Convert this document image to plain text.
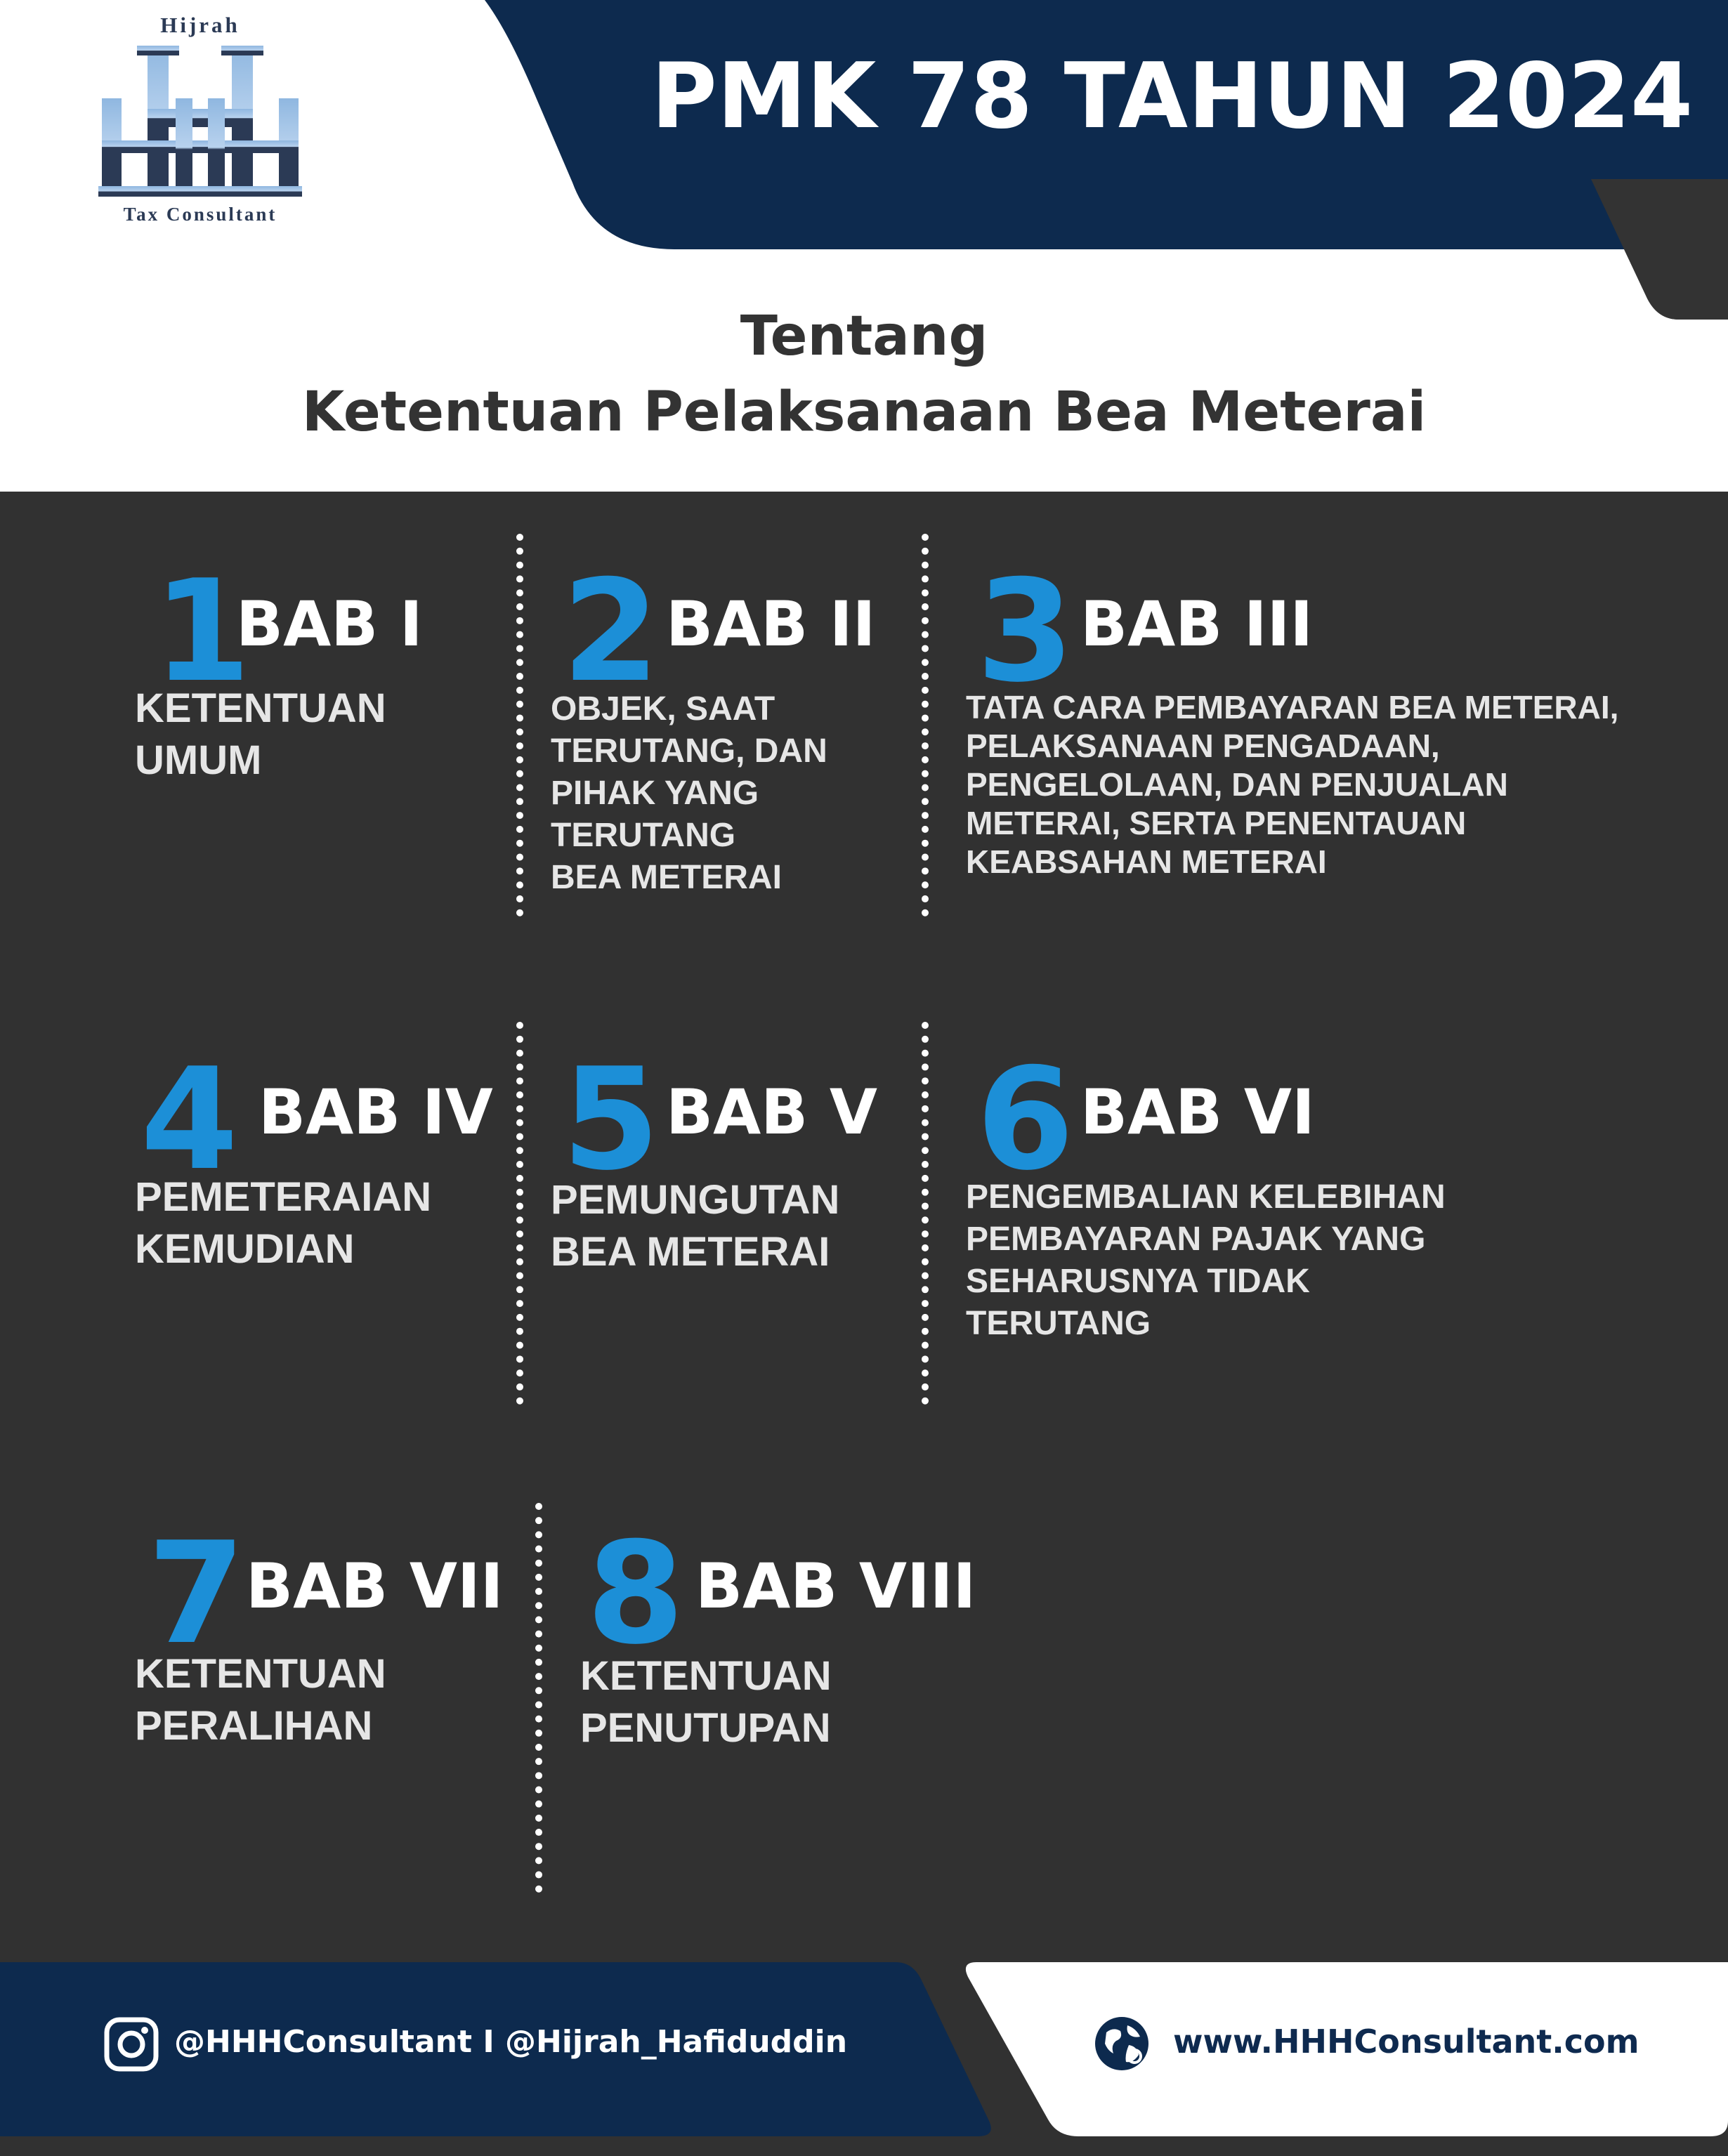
Hijrah
Tax Consultant
PMK 78 TAHUN 2024
Tentang
Ketentuan Pelaksanaan Bea Meterai
1
BAB I
KETENTUAN
UMUM
2 BAB II
OBJEK, SAAT
TERUTANG, DAN
PIHAK YANG
TERUTANG
BEA METERAI
3 BAB III
TATA CARA PEMBAYARAN BEA METERAI,
PELAKSANAAN PENGADAAN,
PENGELOLAAN, DAN PENJUALAN
METERAI, SERTA PENENTAUAN
KEABSAHAN METERAI
4 BAB IV
PEMETERAIAN
KEMUDIAN
5 BAB V
PEMUNGUTAN
BEA METERAI
6 BAB VI
PENGEMBALIAN KELEBIHAN
PEMBAYARAN PAJAK YANG
SEHARUSNYA TIDAK
TERUTANG
7 BAB VII
KETENTUAN
PERALIHAN
8 BAB VIII
KETENTUAN
PENUTUPAN
@HHHConsultant I @Hijrah_Hafiduddin	www.HHHConsultant.com
